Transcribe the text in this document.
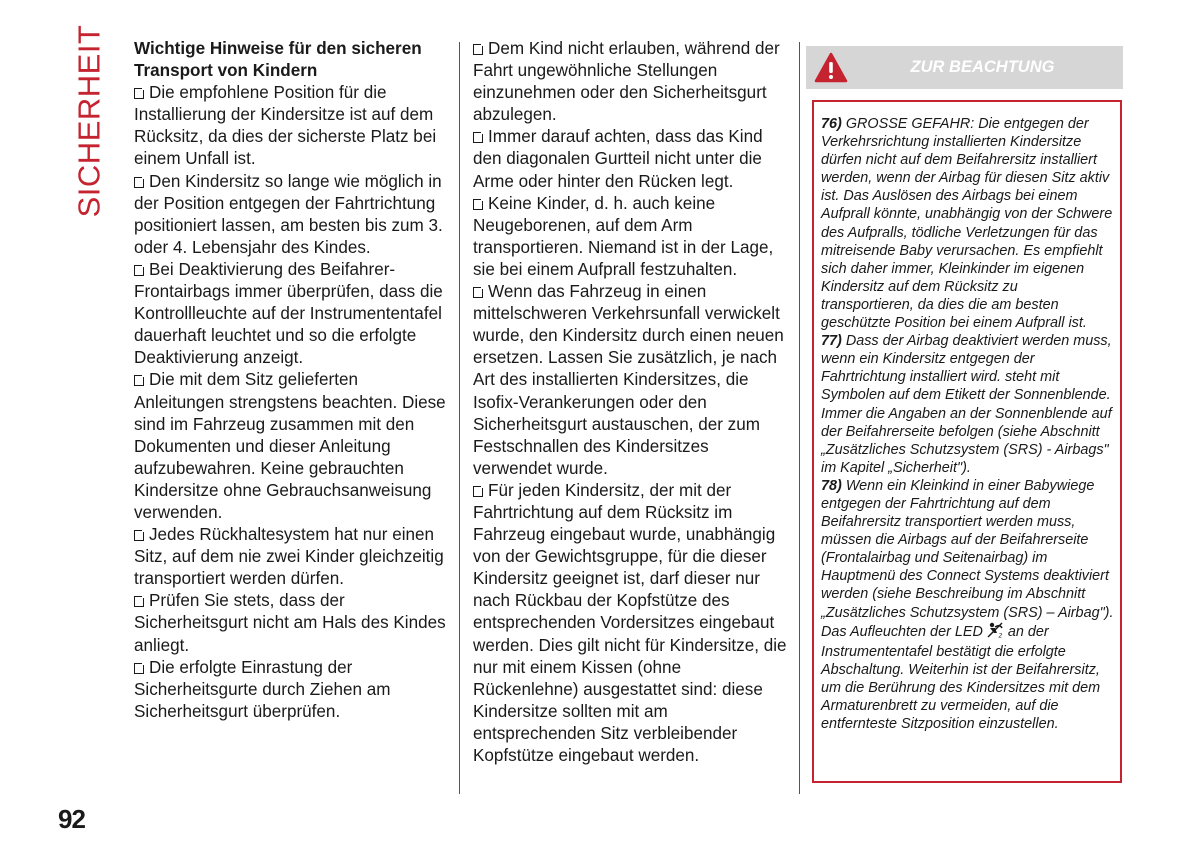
SICHERHEIT Wichtige Hinweise für den sicheren Transport von Kindern

Die empfohlene Position für die Installierung der Kindersitze ist auf dem Rücksitz, da dies der sicherste Platz bei einem Unfall ist.

Den Kindersitz so lange wie möglich in der Position entgegen der Fahrtrichtung positioniert lassen, am besten bis zum 3. oder 4. Lebensjahr des Kindes.

Bei Deaktivierung des Beifahrer-Frontairbags immer überprüfen, dass die Kontrollleuchte auf der Instrumententafel dauerhaft leuchtet und so die erfolgte Deaktivierung anzeigt.

Die mit dem Sitz gelieferten Anleitungen strengstens beachten. Diese sind im Fahrzeug zusammen mit den Dokumenten und dieser Anleitung aufzubewahren. Keine gebrauchten Kindersitze ohne Gebrauchsanweisung verwenden.

Jedes Rückhaltesystem hat nur einen Sitz, auf dem nie zwei Kinder gleichzeitig transportiert werden dürfen.

Prüfen Sie stets, dass der Sicherheitsgurt nicht am Hals des Kindes anliegt.

Die erfolgte Einrastung der Sicherheitsgurte durch Ziehen am Sicherheitsgurt überprüfen.

Dem Kind nicht erlauben, während der Fahrt ungewöhnliche Stellungen einzunehmen oder den Sicherheitsgurt abzulegen.

Immer darauf achten, dass das Kind den diagonalen Gurtteil nicht unter die Arme oder hinter den Rücken legt.

Keine Kinder, d. h. auch keine Neugeborenen, auf dem Arm transportieren. Niemand ist in der Lage, sie bei einem Aufprall festzuhalten.

Wenn das Fahrzeug in einen mittelschweren Verkehrsunfall verwickelt wurde, den Kindersitz durch einen neuen ersetzen. Lassen Sie zusätzlich, je nach Art des installierten Kindersitzes, die Isofix-Verankerungen oder den Sicherheitsgurt austauschen, der zum Festschnallen des Kindersitzes verwendet wurde.

Für jeden Kindersitz, der mit der Fahrtrichtung auf dem Rücksitz im Fahrzeug eingebaut wurde, unabhängig von der Gewichtsgruppe, für die dieser Kindersitz geeignet ist, darf dieser nur nach Rückbau der Kopfstütze des entsprechenden Vordersitzes eingebaut werden. Dies gilt nicht für Kindersitze, die nur mit einem Kissen (ohne Rückenlehne) ausgestattet sind: diese Kindersitze sollten mit am entsprechenden Sitz verbleibender Kopfstütze eingebaut werden.

ZUR BEACHTUNG

76) GROSSE GEFAHR: Die entgegen der Verkehrsrichtung installierten Kindersitze dürfen nicht auf dem Beifahrersitz installiert werden, wenn der Airbag für diesen Sitz aktiv ist. Das Auslösen des Airbags bei einem Aufprall könnte, unabhängig von der Schwere des Aufpralls, tödliche Verletzungen für das mitreisende Baby verursachen. Es empfiehlt sich daher immer, Kleinkinder im eigenen Kindersitz auf dem Rücksitz zu transportieren, da dies die am besten geschützte Position bei einem Aufprall ist.

77) Dass der Airbag deaktiviert werden muss, wenn ein Kindersitz entgegen der Fahrtrichtung installiert wird. steht mit Symbolen auf dem Etikett der Sonnenblende. Immer die Angaben an der Sonnenblende auf der Beifahrerseite befolgen (siehe Abschnitt „Zusätzliches Schutzsystem (SRS) - Airbags" im Kapitel „Sicherheit").

78) Wenn ein Kleinkind in einer Babywiege entgegen der Fahrtrichtung auf dem Beifahrersitz transportiert werden muss, müssen die Airbags auf der Beifahrerseite (Frontalairbag und Seitenairbag) im Hauptmenü des Connect Systems deaktiviert werden (siehe Beschreibung im Abschnitt „Zusätzliches Schutzsystem (SRS) – Airbag"). Das Aufleuchten der LED	2 an der Instrumententafel bestätigt die erfolgte Abschaltung. Weiterhin ist der Beifahrersitz, um die Berührung des Kindersitzes mit dem Armaturenbrett zu vermeiden, auf die entfernteste Sitzposition einzustellen.

92
